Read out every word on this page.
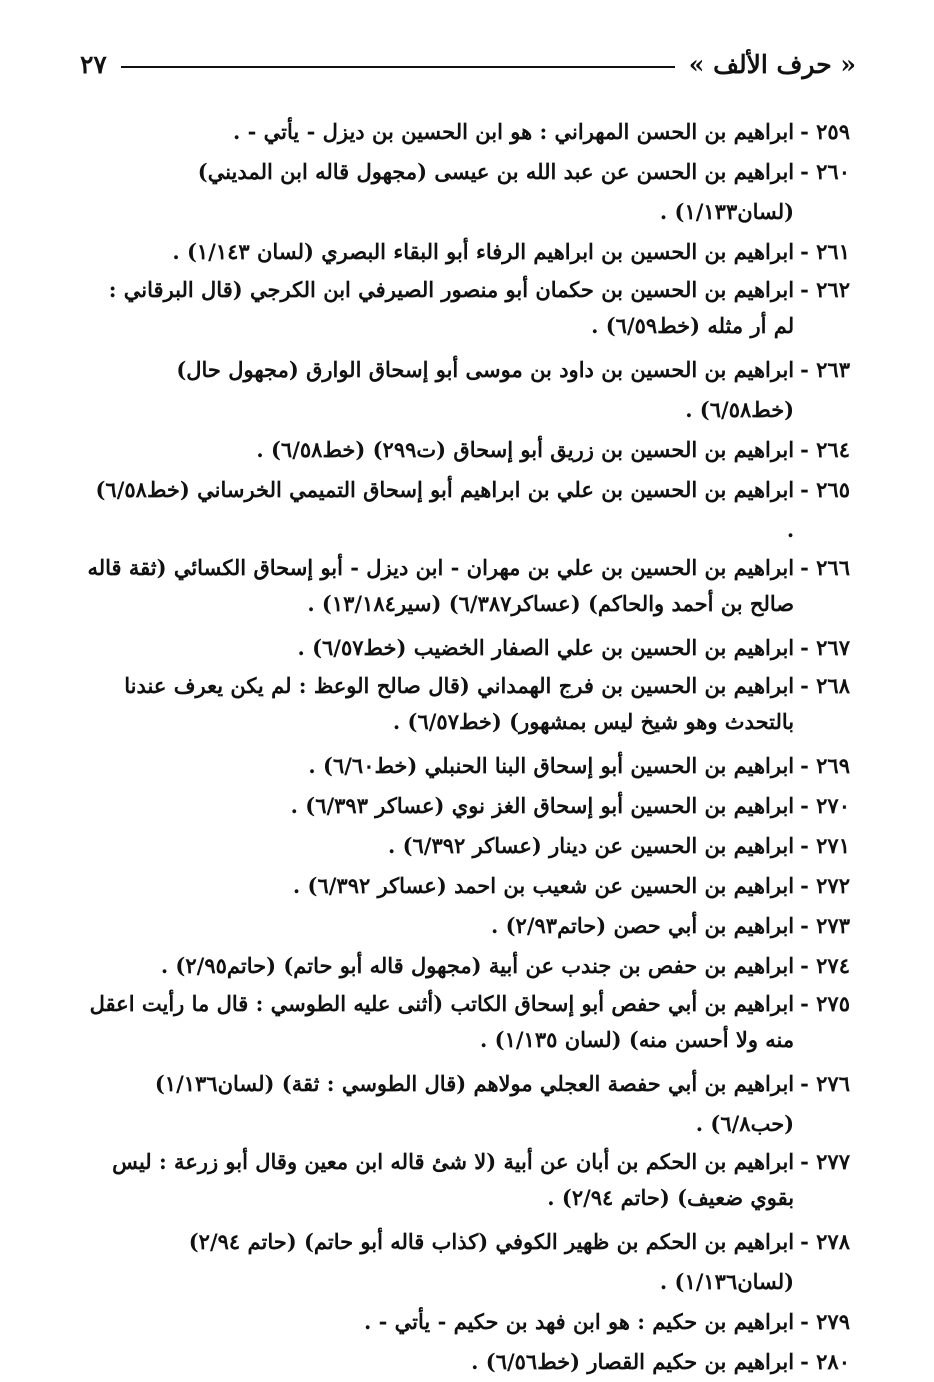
٢٧	« حرف الألف »
٢٥٩ -
ابراهيم بن الحسن المهراني : هو ابن الحسين بن ديزل - يأتي - .
٢٦٠ -
ابراهيم بن الحسن عن عبد الله بن عيسى (مجهول قاله ابن المديني) (لسان١/١٣٣) .
٢٦١ -
ابراهيم بن الحسين بن ابراهيم الرفاء أبو البقاء البصري (لسان ١/١٤٣) .
٢٦٢ -
ابراهيم بن الحسين بن حكمان أبو منصور الصيرفي ابن الكرجي (قال البرقاني : لم أر مثله (خط٦/٥٩) .
٢٦٣ -
ابراهيم بن الحسين بن داود بن موسى أبو إسحاق الوارق (مجهول حال) (خط٦/٥٨) .
٢٦٤ -
ابراهيم بن الحسين بن زريق أبو إسحاق (ت٢٩٩) (خط٦/٥٨) .
٢٦٥ -
ابراهيم بن الحسين بن علي بن ابراهيم أبو إسحاق التميمي الخرساني (خط٦/٥٨) .
٢٦٦ -
ابراهيم بن الحسين بن علي بن مهران - ابن ديزل - أبو إسحاق الكسائي (ثقة قاله صالح بن أحمد والحاكم) (عساكر٦/٣٨٧) (سير١٣/١٨٤) .
٢٦٧ -
ابراهيم بن الحسين بن علي الصفار الخضيب (خط٦/٥٧) .
٢٦٨ -
ابراهيم بن الحسين بن فرج الهمداني (قال صالح الوعظ : لم يكن يعرف عندنا بالتحدث وهو شيخ ليس بمشهور) (خط٦/٥٧) .
٢٦٩ -
ابراهيم بن الحسين أبو إسحاق البنا الحنبلي (خط٦/٦٠) .
٢٧٠ -
ابراهيم بن الحسين أبو إسحاق الغز نوي (عساكر ٦/٣٩٣) .
٢٧١ -
ابراهيم بن الحسين عن دينار (عساكر ٦/٣٩٢) .
٢٧٢ -
ابراهيم بن الحسين عن شعيب بن احمد (عساكر ٦/٣٩٢) .
٢٧٣ -
ابراهيم بن أبي حصن (حاتم٢/٩٣) .
٢٧٤ -
ابراهيم بن حفص بن جندب عن أبية (مجهول قاله أبو حاتم) (حاتم٢/٩٥) .
٢٧٥ -
ابراهيم بن أبي حفص أبو إسحاق الكاتب (أثنى عليه الطوسي : قال ما رأيت اعقل منه ولا أحسن منه) (لسان ١/١٣٥) .
٢٧٦ -
ابراهيم بن أبي حفصة العجلي مولاهم (قال الطوسي : ثقة) (لسان١/١٣٦) (حب٦/٨) .
٢٧٧ -
ابراهيم بن الحكم بن أبان عن أبية (لا شئ قاله ابن معين وقال أبو زرعة : ليس بقوي ضعيف) (حاتم ٢/٩٤) .
٢٧٨ -
ابراهيم بن الحكم بن ظهير الكوفي (كذاب قاله أبو حاتم) (حاتم ٢/٩٤) (لسان١/١٣٦) .
٢٧٩ -
ابراهيم بن حكيم : هو ابن فهد بن حكيم - يأتي - .
٢٨٠ -
ابراهيم بن حكيم القصار (خط٦/٥٦) .
